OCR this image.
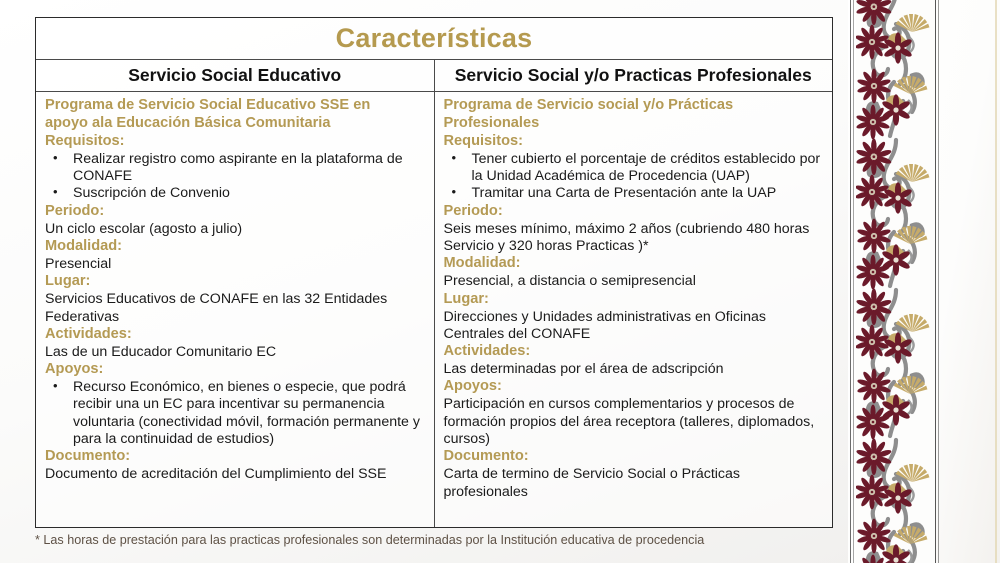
Características
Servicio Social Educativo	Servicio Social y/o Practicas Profesionales
Programa de Servicio Social Educativo SSE en
apoyo ala Educación Básica Comunitaria
Requisitos:
• Realizar registro como aspirante en la plataforma de CONAFE
• Suscripción de Convenio
Periodo:
Un ciclo escolar (agosto a julio)
Modalidad:
Presencial
Lugar:
Servicios Educativos de CONAFE en las 32 Entidades Federativas
Actividades:
Las de un Educador Comunitario EC
Apoyos:
• Recurso Económico, en bienes o especie, que podrá recibir una un EC para incentivar su permanencia voluntaria (conectividad móvil, formación permanente y para la continuidad de estudios)
Documento:
Documento de acreditación del Cumplimiento del SSE
Programa de Servicio social y/o Prácticas
Profesionales
Requisitos:
• Tener cubierto el porcentaje de créditos establecido por la Unidad Académica de Procedencia (UAP)
• Tramitar una Carta de Presentación ante la UAP
Periodo:
Seis meses mínimo, máximo 2 años (cubriendo 480 horas Servicio y 320 horas Practicas )*
Modalidad:
Presencial, a distancia o semipresencial
Lugar:
Direcciones y Unidades administrativas en Oficinas Centrales del CONAFE
Actividades:
Las determinadas por el área de adscripción
Apoyos:
Participación en cursos complementarios y procesos de formación propios del área receptora (talleres, diplomados, cursos)
Documento:
Carta de termino de Servicio Social o Prácticas profesionales
* Las horas de prestación para las practicas profesionales son determinadas por la Institución educativa de procedencia
